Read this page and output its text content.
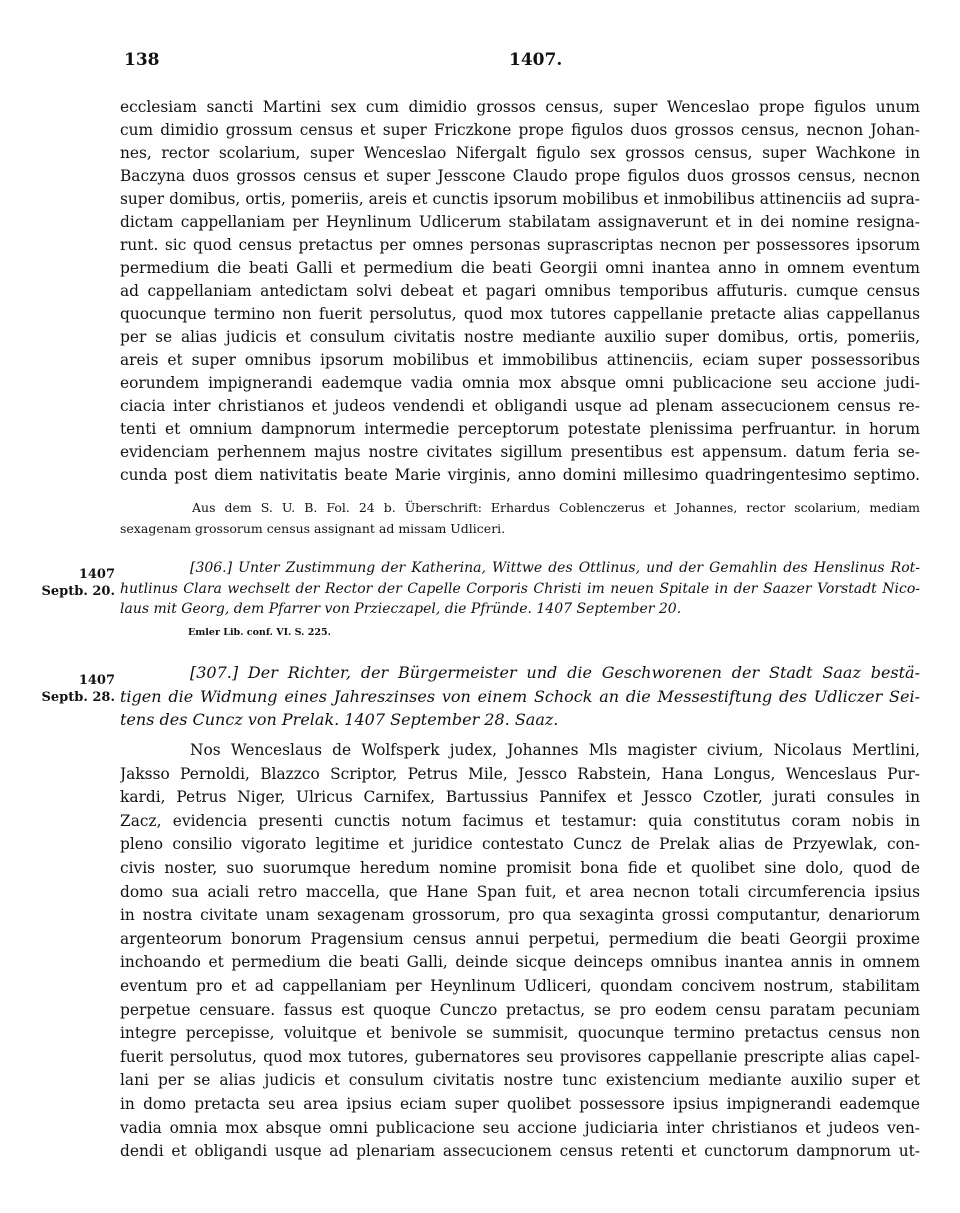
138	1407.
ecclesiam sancti Martini sex cum dimidio grossos census, super Wenceslao prope figulos unum
cum dimidio grossum census et super Friczkone prope figulos duos grossos census, necnon Johan-
nes, rector scolarium, super Wenceslao Nifergalt figulo sex grossos census, super Wachkone in
Baczyna duos grossos census et super Jesscone Claudo prope figulos duos grossos census, necnon
super domibus, ortis, pomeriis, areis et cunctis ipsorum mobilibus et inmobilibus attinenciis ad supra-
dictam cappellaniam per Heynlinum Udlicerum stabilatam assignaverunt et in dei nomine resigna-
runt. sic quod census pretactus per omnes personas suprascriptas necnon per possessores ipsorum
permedium die beati Galli et permedium die beati Georgii omni inantea anno in omnem eventum
ad cappellaniam antedictam solvi debeat et pagari omnibus temporibus affuturis. cumque census
quocunque termino non fuerit persolutus, quod mox tutores cappellanie pretacte alias cappellanus
per se alias judicis et consulum civitatis nostre mediante auxilio super domibus, ortis, pomeriis,
areis et super omnibus ipsorum mobilibus et immobilibus attinenciis, eciam super possessoribus
eorundem impignerandi eademque vadia omnia mox absque omni publicacione seu accione judi-
ciacia inter christianos et judeos vendendi et obligandi usque ad plenam assecucionem census re-
tenti et omnium dampnorum intermedie perceptorum potestate plenissima perfruantur. in horum
evidenciam perhennem majus nostre civitates sigillum presentibus est appensum. datum feria se-
cunda post diem nativitatis beate Marie virginis, anno domini millesimo quadringentesimo septimo.
Aus dem S. U. B. Fol. 24 b. Überschrift: Erhardus Coblenczerus et Johannes, rector scolarium, mediam
sexagenam grossorum census assignant ad missam Udliceri.
1407
Septb. 20.
[306.] Unter Zustimmung der Katherina, Wittwe des Ottlinus, und der Gemahlin des Henslinus Rot-
hutlinus Clara wechselt der Rector der Capelle Corporis Christi im neuen Spitale in der Saazer Vorstadt Nico-
laus mit Georg, dem Pfarrer von Przieczapel, die Pfründe. 1407 September 20.
Emler Lib. conf. VI. S. 225.
1407
Septb. 28.
[307.] Der Richter, der Bürgermeister und die Geschworenen der Stadt Saaz bestä-
tigen die Widmung eines Jahreszinses von einem Schock an die Messestiftung des Udliczer Sei-
tens des Cuncz von Prelak. 1407 September 28. Saaz.
Nos Wenceslaus de Wolfsperk judex, Johannes Mls magister civium, Nicolaus Mertlini,
Jaksso Pernoldi, Blazzco Scriptor, Petrus Mile, Jessco Rabstein, Hana Longus, Wenceslaus Pur-
kardi, Petrus Niger, Ulricus Carnifex, Bartussius Pannifex et Jessco Czotler, jurati consules in
Zacz, evidencia presenti cunctis notum facimus et testamur: quia constitutus coram nobis in
pleno consilio vigorato legitime et juridice contestato Cuncz de Prelak alias de Przyewlak, con-
civis noster, suo suorumque heredum nomine promisit bona fide et quolibet sine dolo, quod de
domo sua aciali retro maccella, que Hane Span fuit, et area necnon totali circumferencia ipsius
in nostra civitate unam sexagenam grossorum, pro qua sexaginta grossi computantur, denariorum
argenteorum bonorum Pragensium census annui perpetui, permedium die beati Georgii proxime
inchoando et permedium die beati Galli, deinde sicque deinceps omnibus inantea annis in omnem
eventum pro et ad cappellaniam per Heynlinum Udliceri, quondam concivem nostrum, stabilitam
perpetue censuare. fassus est quoque Cunczo pretactus, se pro eodem censu paratam pecuniam
integre percepisse, voluitque et benivole se summisit, quocunque termino pretactus census non
fuerit persolutus, quod mox tutores, gubernatores seu provisores cappellanie prescripte alias capel-
lani per se alias judicis et consulum civitatis nostre tunc existencium mediante auxilio super et
in domo pretacta seu area ipsius eciam super quolibet possessore ipsius impignerandi eademque
vadia omnia mox absque omni publicacione seu accione judiciaria inter christianos et judeos ven-
dendi et obligandi usque ad plenariam assecucionem census retenti et cunctorum dampnorum ut-
